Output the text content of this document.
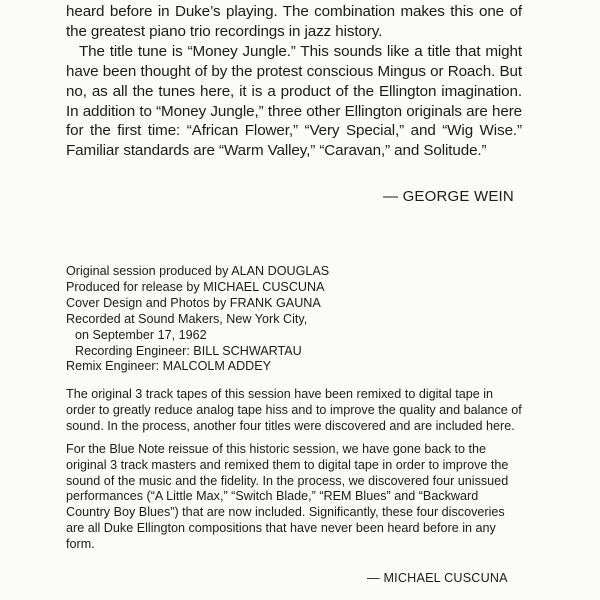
heard before in Duke’s playing. The combination makes this one of the greatest piano trio recordings in jazz history.

The title tune is “Money Jungle.” This sounds like a title that might have been thought of by the protest conscious Mingus or Roach. But no, as all the tunes here, it is a product of the Ellington imagination. In addition to “Money Jungle,” three other Ellington originals are here for the first time: “African Flower,” “Very Special,” and “Wig Wise.” Familiar standards are “Warm Valley,” “Caravan,” and Solitude.”

— GEORGE WEIN
Original session produced by ALAN DOUGLAS
Produced for release by MICHAEL CUSCUNA
Cover Design and Photos by FRANK GAUNA
Recorded at Sound Makers, New York City,
on September 17, 1962
Recording Engineer: BILL SCHWARTAU
Remix Engineer: MALCOLM ADDEY

The original 3 track tapes of this session have been remixed to digital tape in order to greatly reduce analog tape hiss and to improve the quality and balance of sound. In the process, another four titles were discovered and are included here.

For the Blue Note reissue of this historic session, we have gone back to the original 3 track masters and remixed them to digital tape in order to improve the sound of the music and the fidelity. In the process, we discovered four unissued performances (“A Little Max,” “Switch Blade,” “REM Blues” and “Backward Country Boy Blues”) that are now included. Significantly, these four discoveries are all Duke Ellington compositions that have never been heard before in any form.

— MICHAEL CUSCUNA
